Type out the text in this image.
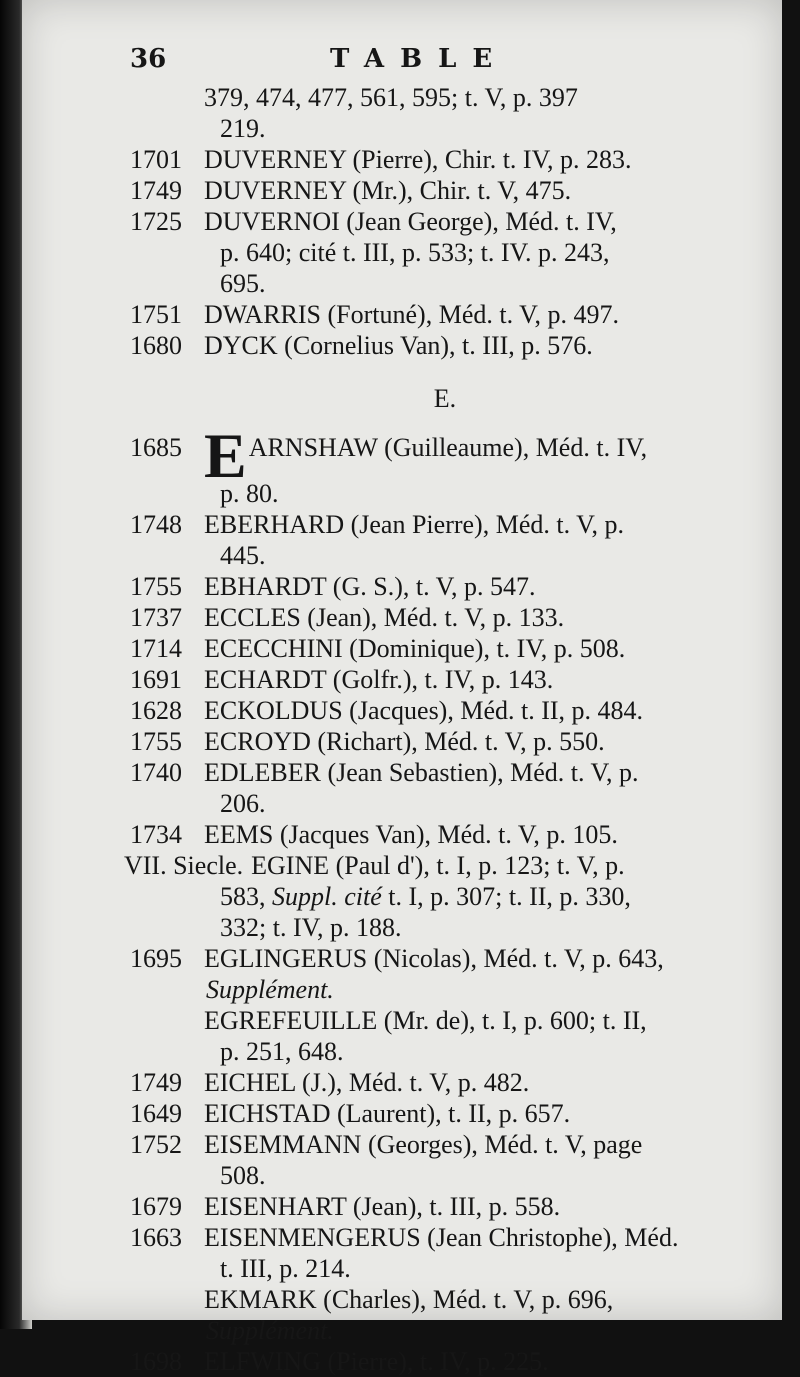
36	TABLE
379, 474, 477, 561, 595; t. V, p. 397
219.
1701 DUVERNEY (Pierre), Chir. t. IV, p. 283.
1749 DUVERNEY (Mr.), Chir. t. V, 475.
1725 DUVERNOI (Jean George), Méd. t. IV,
p. 640; cité t. III, p. 533; t. IV. p. 243,
695.
1751 DWARRIS (Fortuné), Méd. t. V, p. 497.
1680 DYCK (Cornelius Van), t. III, p. 576.
E.
1685 EARNSHAW (Guilleaume), Méd. t. IV,
p. 80.
1748 EBERHARD (Jean Pierre), Méd. t. V, p.
445.
1755 EBHARDT (G. S.), t. V, p. 547.
1737 ECCLES (Jean), Méd. t. V, p. 133.
1714 ECECCHINI (Dominique), t. IV, p. 508.
1691 ECHARDT (Golfr.), t. IV, p. 143.
1628 ECKOLDUS (Jacques), Méd. t. II, p. 484.
1755 ECROYD (Richart), Méd. t. V, p. 550.
1740 EDLEBER (Jean Sebastien), Méd. t. V, p.
206.
1734 EEMS (Jacques Van), Méd. t. V, p. 105.
VII. Siecle. EGINE (Paul d'), t. I, p. 123; t. V, p.
583, Suppl. cité t. I, p. 307; t. II, p. 330,
332; t. IV, p. 188.
1695 EGLINGERUS (Nicolas), Méd. t. V, p. 643,
Supplément.
EGREFEUILLE (Mr. de), t. I, p. 600; t. II,
p. 251, 648.
1749 EICHEL (J.), Méd. t. V, p. 482.
1649 EICHSTAD (Laurent), t. II, p. 657.
1752 EISEMMANN (Georges), Méd. t. V, page
508.
1679 EISENHART (Jean), t. III, p. 558.
1663 EISENMENGERUS (Jean Christophe), Méd.
t. III, p. 214.
EKMARK (Charles), Méd. t. V, p. 696,
Supplément.
1698 ELFWING (Pierre), t. IV, p. 225.
